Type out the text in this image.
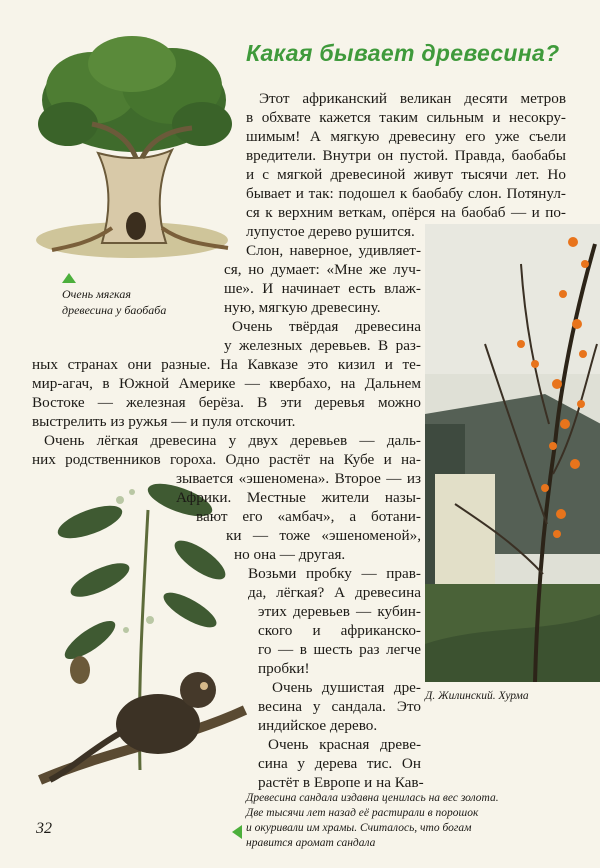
Очень мягкая
древесина у баобаба
Какая бывает древесина?
Д. Жилинский. Хурма
Этот африканский великан десяти метров
в обхвате кажется таким сильным и несокру-
шимым! А мягкую древесину его уже съели
вредители. Внутри он пустой. Правда, баобабы
и с мягкой древесиной живут тысячи лет. Но
бывает и так: подошел к баобабу слон. Потянул-
ся к верхним веткам, опёрся на баобаб — и по-
лупустое дерево рушится.
Слон, наверное, удивляет-
ся, но думает: «Мне же луч-
ше». И начинает есть влаж-
ную, мягкую древесину.
Очень твёрдая древесина
у железных деревьев. В раз-
ных странах они разные. На Кавказе это кизил и те-
мир-агач, в Южной Америке — квербахо, на Дальнем
Востоке — железная берёза. В эти деревья можно
выстрелить из ружья — и пуля отскочит.
Очень лёгкая древесина у двух деревьев — даль-
них родственников гороха. Одно растёт на Кубе и на-
зывается «эшеномена». Второе — из
Африки. Местные жители назы-
вают его «амбач», а ботани-
ки — тоже «эшеноменой»,
но она — другая.
Возьми пробку — прав-
да, лёгкая? А древесина
этих деревьев — кубин-
ского и африканско-
го — в шесть раз легче
пробки!
Очень душистая дре-
весина у сандала. Это
индийское дерево.
Очень красная древе-
сина у дерева тис. Он
растёт в Европе и на Кав-
Древесина сандала издавна ценилась на вес золота.
Две тысячи лет назад её растирали в порошок
и окуривали им храмы. Считалось, что богам
нравится аромат сандала
32
